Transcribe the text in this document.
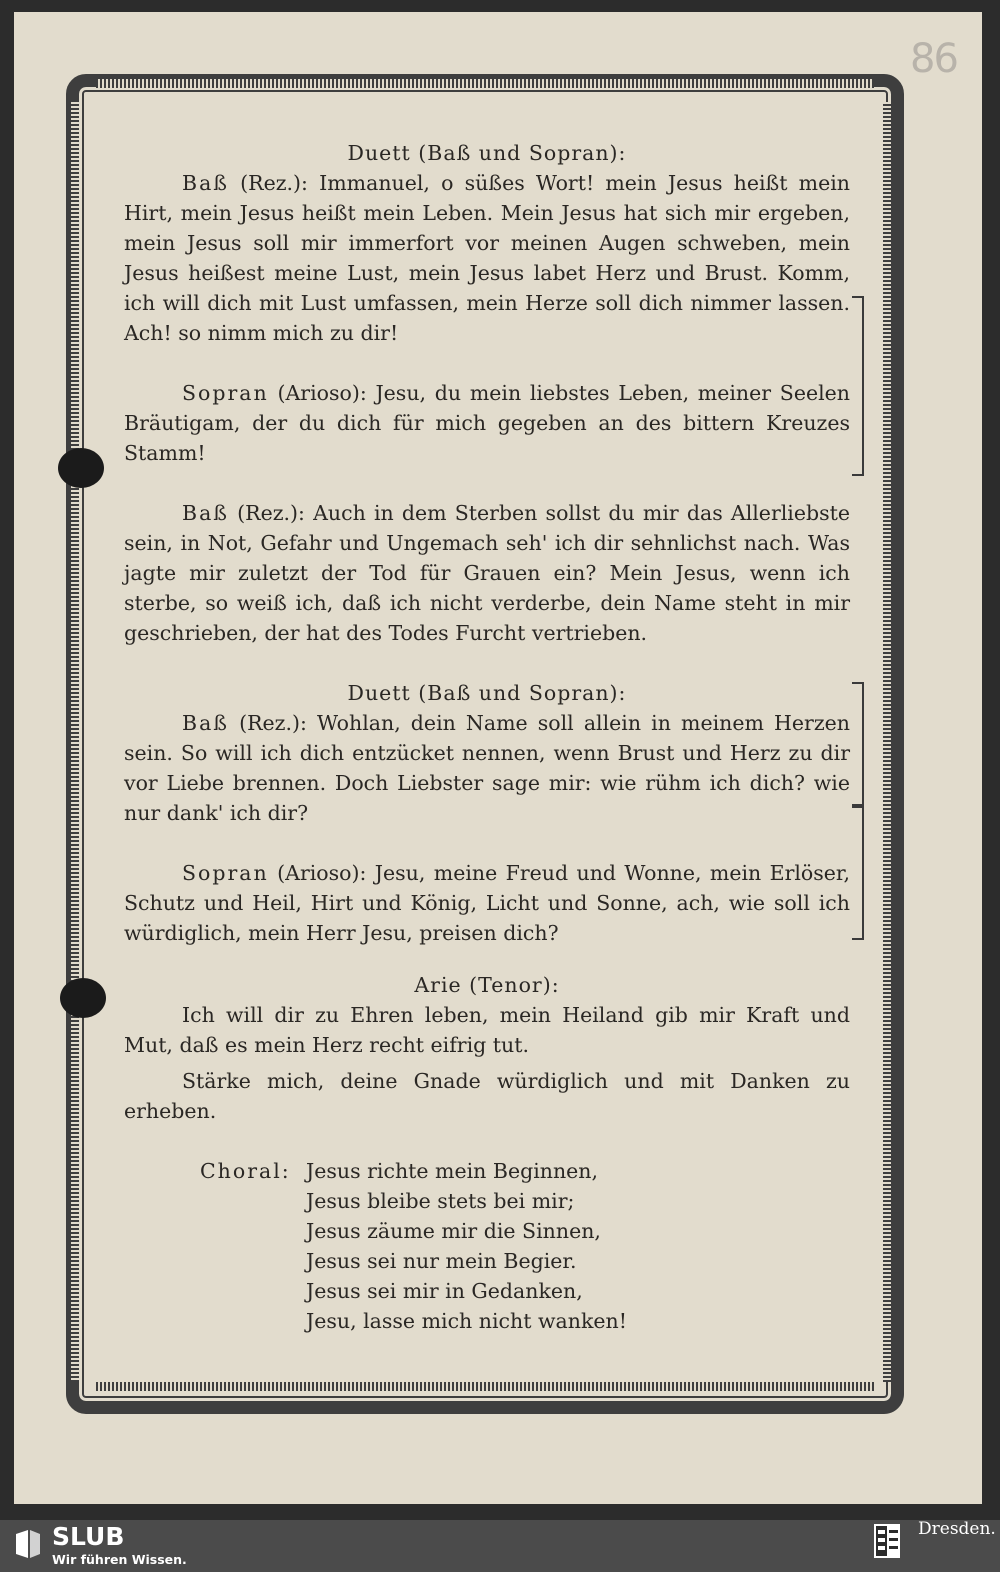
86

Duett (Baß und Sopran):

Baß (Rez.): Immanuel, o süßes Wort! mein Jesus heißt mein Hirt, mein Jesus heißt mein Leben. Mein Jesus hat sich mir ergeben, mein Jesus soll mir immerfort vor meinen Augen schweben, mein Jesus heißest meine Lust, mein Jesus labet Herz und Brust. Komm, ich will dich mit Lust umfassen, mein Herze soll dich nimmer lassen. Ach! so nimm mich zu dir!

Sopran (Arioso): Jesu, du mein liebstes Leben, meiner Seelen Bräutigam, der du dich für mich gegeben an des bittern Kreuzes Stamm!

Baß (Rez.): Auch in dem Sterben sollst du mir das Allerliebste sein, in Not, Gefahr und Ungemach seh' ich dir sehnlichst nach. Was jagte mir zuletzt der Tod für Grauen ein? Mein Jesus, wenn ich sterbe, so weiß ich, daß ich nicht verderbe, dein Name steht in mir geschrieben, der hat des Todes Furcht vertrieben.

Duett (Baß und Sopran):

Baß (Rez.): Wohlan, dein Name soll allein in meinem Herzen sein. So will ich dich entzücket nennen, wenn Brust und Herz zu dir vor Liebe brennen. Doch Liebster sage mir: wie rühm ich dich? wie nur dank' ich dir?

Sopran (Arioso): Jesu, meine Freud und Wonne, mein Erlöser, Schutz und Heil, Hirt und König, Licht und Sonne, ach, wie soll ich würdiglich, mein Herr Jesu, preisen dich?

Arie (Tenor):

Ich will dir zu Ehren leben, mein Heiland gib mir Kraft und Mut, daß es mein Herz recht eifrig tut.

Stärke mich, deine Gnade würdiglich und mit Danken zu erheben.

Choral: Jesus richte mein Beginnen,
Jesus bleibe stets bei mir;
Jesus zäume mir die Sinnen,
Jesus sei nur mein Begier.
Jesus sei mir in Gedanken,
Jesu, lasse mich nicht wanken!
SLUB
Wir führen Wissen.
Dresden.
